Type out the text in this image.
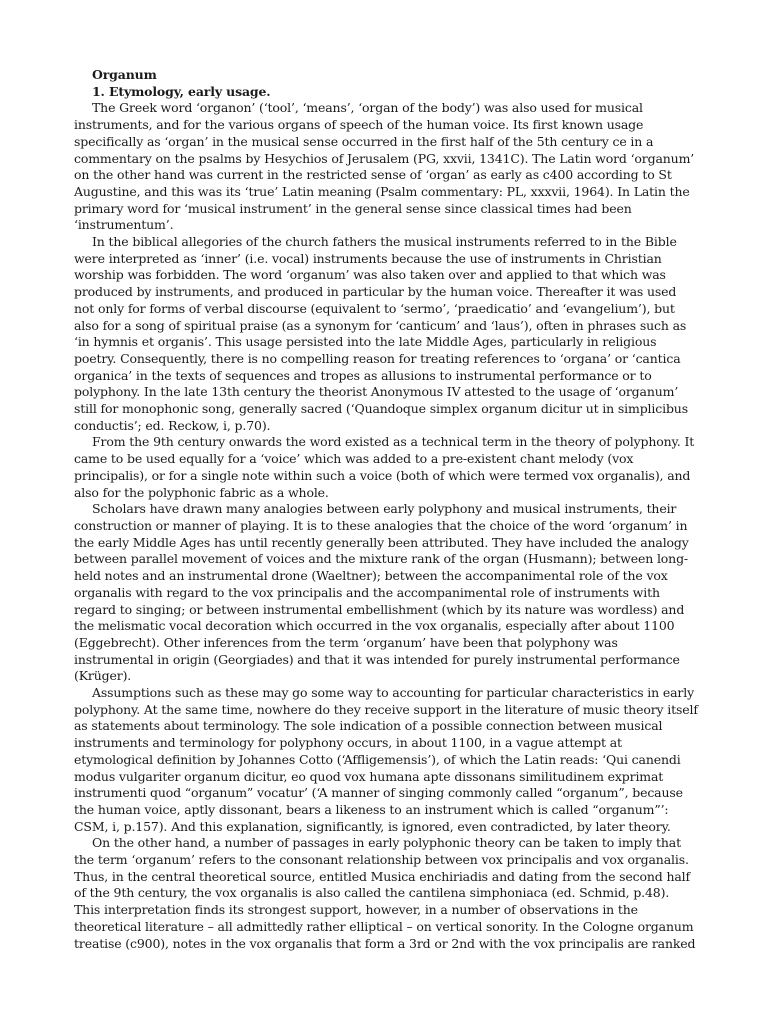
Organum
1. Etymology, early usage.

The Greek word ‘organon’ (‘tool’, ‘means’, ‘organ of the body’) was also used for musical instruments, and for the various organs of speech of the human voice. Its first known usage specifically as ‘organ’ in the musical sense occurred in the first half of the 5th century ce in a commentary on the psalms by Hesychios of Jerusalem (PG, xxvii, 1341C). The Latin word ‘organum’ on the other hand was current in the restricted sense of ‘organ’ as early as c400 according to St Augustine, and this was its ‘true’ Latin meaning (Psalm commentary: PL, xxxvii, 1964). In Latin the primary word for ‘musical instrument’ in the general sense since classical times had been ‘instrumentum’.

In the biblical allegories of the church fathers the musical instruments referred to in the Bible were interpreted as ‘inner’ (i.e. vocal) instruments because the use of instruments in Christian worship was forbidden. The word ‘organum’ was also taken over and applied to that which was produced by instruments, and produced in particular by the human voice. Thereafter it was used not only for forms of verbal discourse (equivalent to ‘sermo’, ‘praedicatio’ and ‘evangelium’), but also for a song of spiritual praise (as a synonym for ‘canticum’ and ‘laus’), often in phrases such as ‘in hymnis et organis’. This usage persisted into the late Middle Ages, particularly in religious poetry. Consequently, there is no compelling reason for treating references to ‘organa’ or ‘cantica organica’ in the texts of sequences and tropes as allusions to instrumental performance or to polyphony. In the late 13th century the theorist Anonymous IV attested to the usage of ‘organum’ still for monophonic song, generally sacred (‘Quandoque simplex organum dicitur ut in simplicibus conductis’; ed. Reckow, i, p.70).

From the 9th century onwards the word existed as a technical term in the theory of polyphony. It came to be used equally for a ‘voice’ which was added to a pre-existent chant melody (vox principalis), or for a single note within such a voice (both of which were termed vox organalis), and also for the polyphonic fabric as a whole.

Scholars have drawn many analogies between early polyphony and musical instruments, their construction or manner of playing. It is to these analogies that the choice of the word ‘organum’ in the early Middle Ages has until recently generally been attributed. They have included the analogy between parallel movement of voices and the mixture rank of the organ (Husmann); between long-held notes and an instrumental drone (Waeltner); between the accompanimental role of the vox organalis with regard to the vox principalis and the accompanimental role of instruments with regard to singing; or between instrumental embellishment (which by its nature was wordless) and the melismatic vocal decoration which occurred in the vox organalis, especially after about 1100 (Eggebrecht). Other inferences from the term ‘organum’ have been that polyphony was instrumental in origin (Georgiades) and that it was intended for purely instrumental performance (Krüger).

Assumptions such as these may go some way to accounting for particular characteristics in early polyphony. At the same time, nowhere do they receive support in the literature of music theory itself as statements about terminology. The sole indication of a possible connection between musical instruments and terminology for polyphony occurs, in about 1100, in a vague attempt at etymological definition by Johannes Cotto (‘Affligemensis’), of which the Latin reads: ‘Qui canendi modus vulgariter organum dicitur, eo quod vox humana apte dissonans similitudinem exprimat instrumenti quod “organum” vocatur’ (‘A manner of singing commonly called “organum”, because the human voice, aptly dissonant, bears a likeness to an instrument which is called “organum”’: CSM, i, p.157). And this explanation, significantly, is ignored, even contradicted, by later theory.

On the other hand, a number of passages in early polyphonic theory can be taken to imply that the term ‘organum’ refers to the consonant relationship between vox principalis and vox organalis. Thus, in the central theoretical source, entitled Musica enchiriadis and dating from the second half of the 9th century, the vox organalis is also called the cantilena simphoniaca (ed. Schmid, p.48). This interpretation finds its strongest support, however, in a number of observations in the theoretical literature – all admittedly rather elliptical – on vertical sonority. In the Cologne organum treatise (c900), notes in the vox organalis that form a 3rd or 2nd with the vox principalis are ranked
